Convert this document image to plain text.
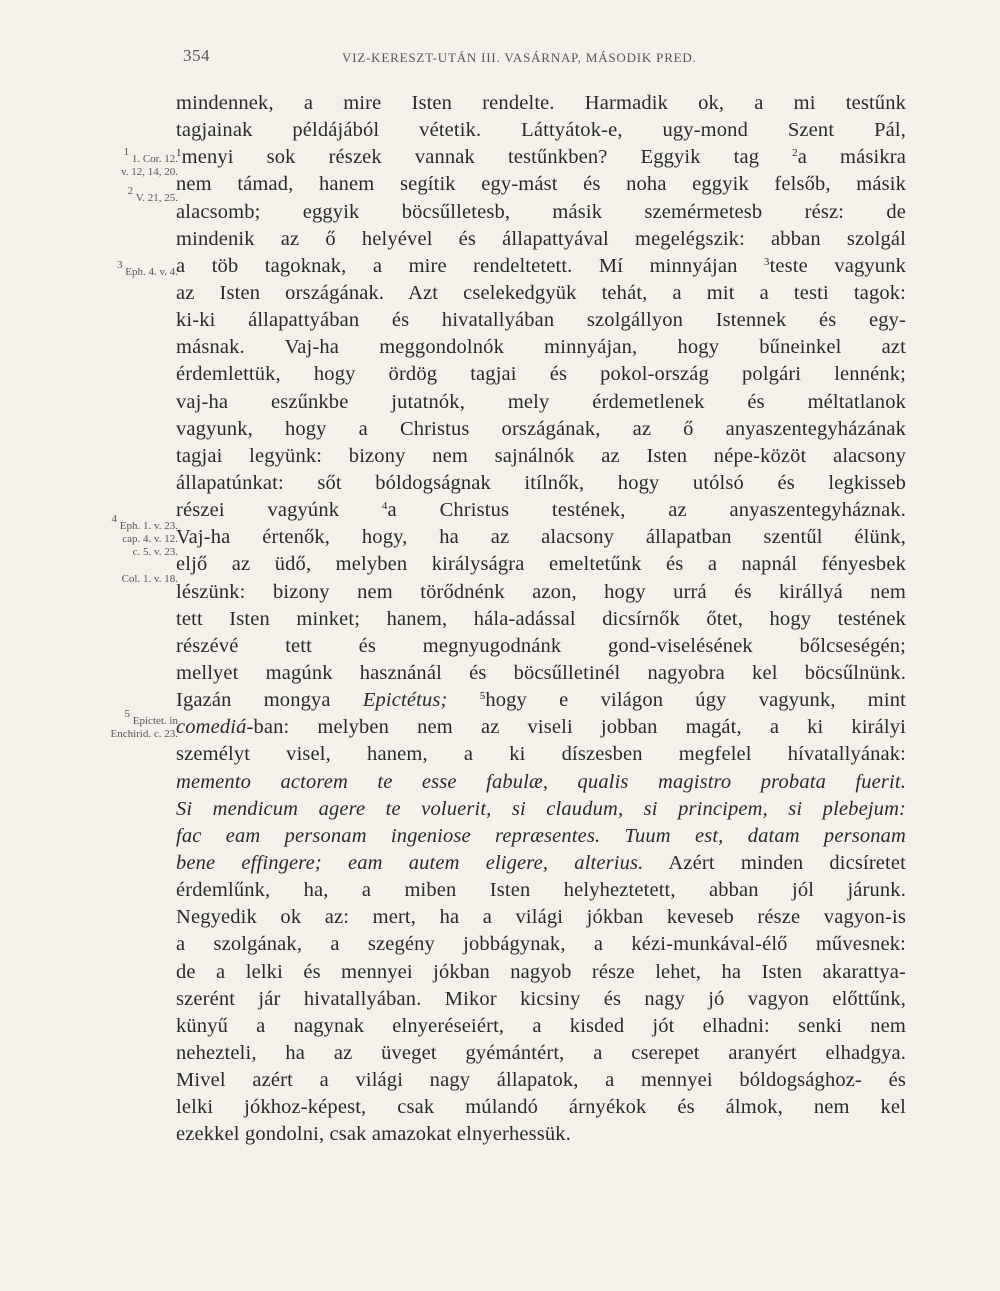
354	VIZ-KERESZT-UTÁN III. VASÁRNAP, MÁSODIK PRED.
$^1$ 1. Cor. 12.
v. 12, 14, 20.
$^2$ V. 21, 25.
$^3$ Eph. 4. v. 4.
$^4$ Eph. 1. v. 23.
cap. 4. v. 12.
c. 5. v. 23.
Col. 1. v. 18.
$^5$ Epictet. in
Enchirid. c. 23.
mindennek, a mire Isten rendelte. Harmadik ok, a mi testűnk
tagjainak példájából vétetik. Láttyátok-e, ugy-mond Szent Pál,
$^1$menyi sok részek vannak testűnkben? Eggyik tag $^2$a másikra
nem támad, hanem segítik egy-mást és noha eggyik felsőb, másik
alacsomb; eggyik böcsűlletesb, másik szemérmetesb rész: de
mindenik az ő helyével és állapattyával megelégszik: abban szolgál
a töb tagoknak, a mire rendeltetett. Mí minnyájan $^3$teste vagyunk
az Isten országának. Azt cselekedgyük tehát, a mit a testi tagok:
ki-ki állapattyában és hivatallyában szolgállyon Istennek és egy-
másnak. Vaj-ha meggondolnók minnyájan, hogy bűneinkel azt
érdemlettük, hogy ördög tagjai és pokol-ország polgári lennénk;
vaj-ha eszűnkbe jutatnók, mely érdemetlenek és méltatlanok
vagyunk, hogy a Christus országának, az ő anyaszentegyházának
tagjai legyünk: bizony nem sajnálnók az Isten népe-közöt alacsony
állapatúnkat: sőt bóldogságnak itílnők, hogy utólsó és legkisseb
részei vagyúnk $^4$a Christus testének, az anyaszentegyháznak.
Vaj-ha értenők, hogy, ha az alacsony állapatban szentűl élünk,
eljő az üdő, melyben királyságra emeltetűnk és a napnál fényesbek
lészünk: bizony nem törődnénk azon, hogy urrá és királlyá nem
tett Isten minket; hanem, hála-adással dicsírnők őtet, hogy testének
részévé tett és megnyugodnánk gond-viselésének bőlcseségén;
mellyet magúnk hasznánál és böcsűlletinél nagyobra kel böcsűlnünk.
Igazán mongya Epictétus;	$^5$hogy e világon úgy vagyunk, mint
comediá-ban: melyben nem az viseli jobban magát, a ki királyi
személyt visel, hanem, a ki díszesben megfelel hívatallyának:
memento actorem te esse fabulæ, qualis magistro probata fuerit.
Si mendicum agere te voluerit, si claudum, si principem, si plebejum:
fac eam personam ingeniose repræsentes. Tuum est, datam personam
bene effingere; eam autem eligere, alterius. Azért minden dicsíretet
érdemlűnk, ha, a miben Isten helyheztetett, abban jól járunk.
Negyedik ok az: mert, ha a világi jókban keveseb része vagyon-is
a szolgának, a szegény jobbágynak, a kézi-munkával-élő művesnek:
de a lelki és mennyei jókban nagyob része lehet, ha Isten akarattya-
szerént jár hivatallyában. Mikor kicsiny és nagy jó vagyon előttűnk,
künyű a nagynak elnyeréseiért, a kisded jót elhadni: senki nem
nehezteli, ha az üveget gyémántért, a cserepet aranyért elhadgya.
Mivel azért a világi nagy állapatok, a mennyei bóldogsághoz- és
lelki jókhoz-képest, csak múlandó árnyékok és álmok, nem kel
ezekkel gondolni, csak amazokat elnyerhessük.
